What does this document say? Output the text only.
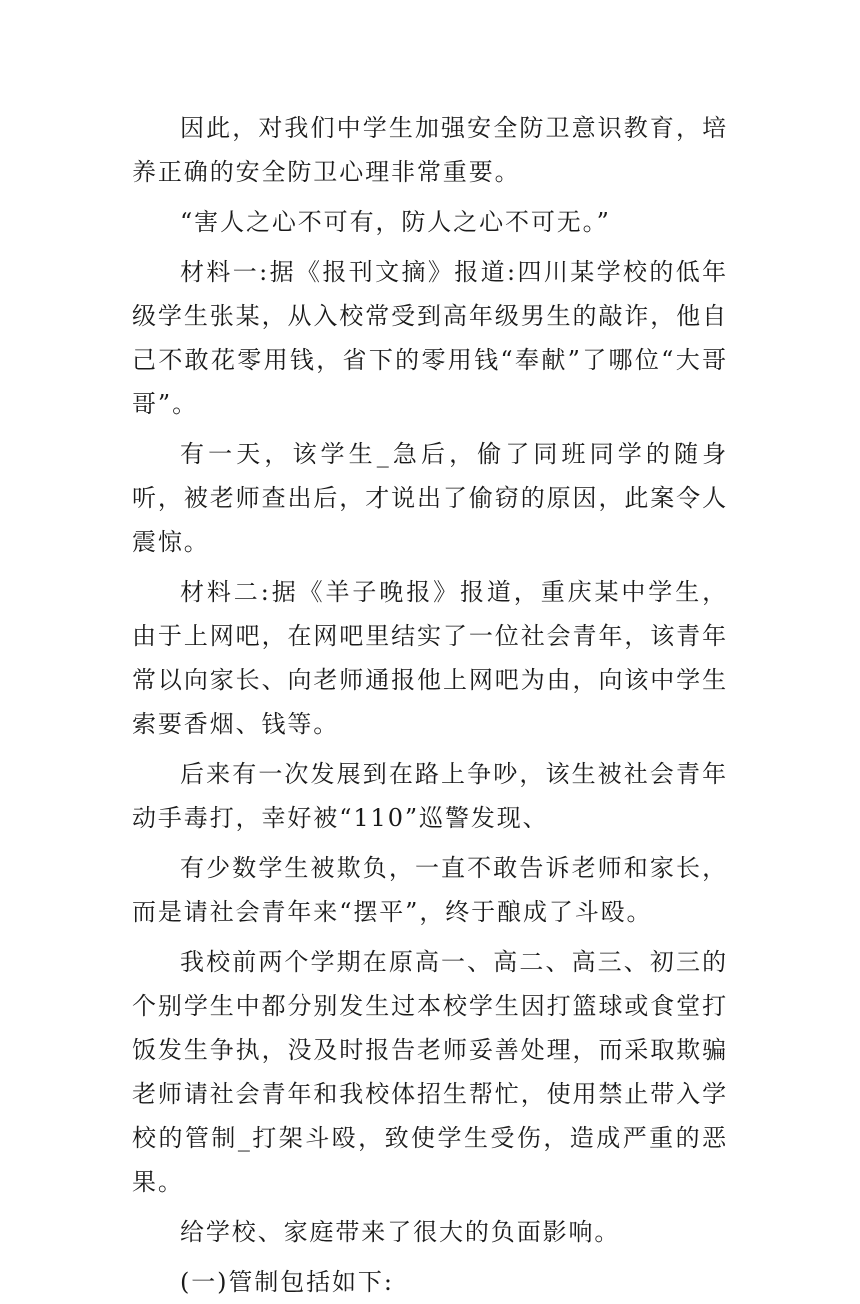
因此，对我们中学生加强安全防卫意识教育，培养正确的安全防卫心理非常重要。

“害人之心不可有，防人之心不可无。”

材料一:据《报刊文摘》报道:四川某学校的低年级学生张某，从入校常受到高年级男生的敲诈，他自己不敢花零用钱，省下的零用钱“奉献”了哪位“大哥哥”。

有一天，该学生_急后，偷了同班同学的随身听，被老师查出后，才说出了偷窃的原因，此案令人震惊。

材料二:据《羊子晚报》报道，重庆某中学生，由于上网吧，在网吧里结实了一位社会青年，该青年常以向家长、向老师通报他上网吧为由，向该中学生索要香烟、钱等。

后来有一次发展到在路上争吵，该生被社会青年动手毒打，幸好被“110”巡警发现、

有少数学生被欺负，一直不敢告诉老师和家长，而是请社会青年来“摆平”，终于酿成了斗殴。

我校前两个学期在原高一、高二、高三、初三的个别学生中都分别发生过本校学生因打篮球或食堂打饭发生争执，没及时报告老师妥善处理，而采取欺骗老师请社会青年和我校体招生帮忙，使用禁止带入学校的管制_打架斗殴，致使学生受伤，造成严重的恶果。

给学校、家庭带来了很大的负面影响。

(一)管制包括如下:
